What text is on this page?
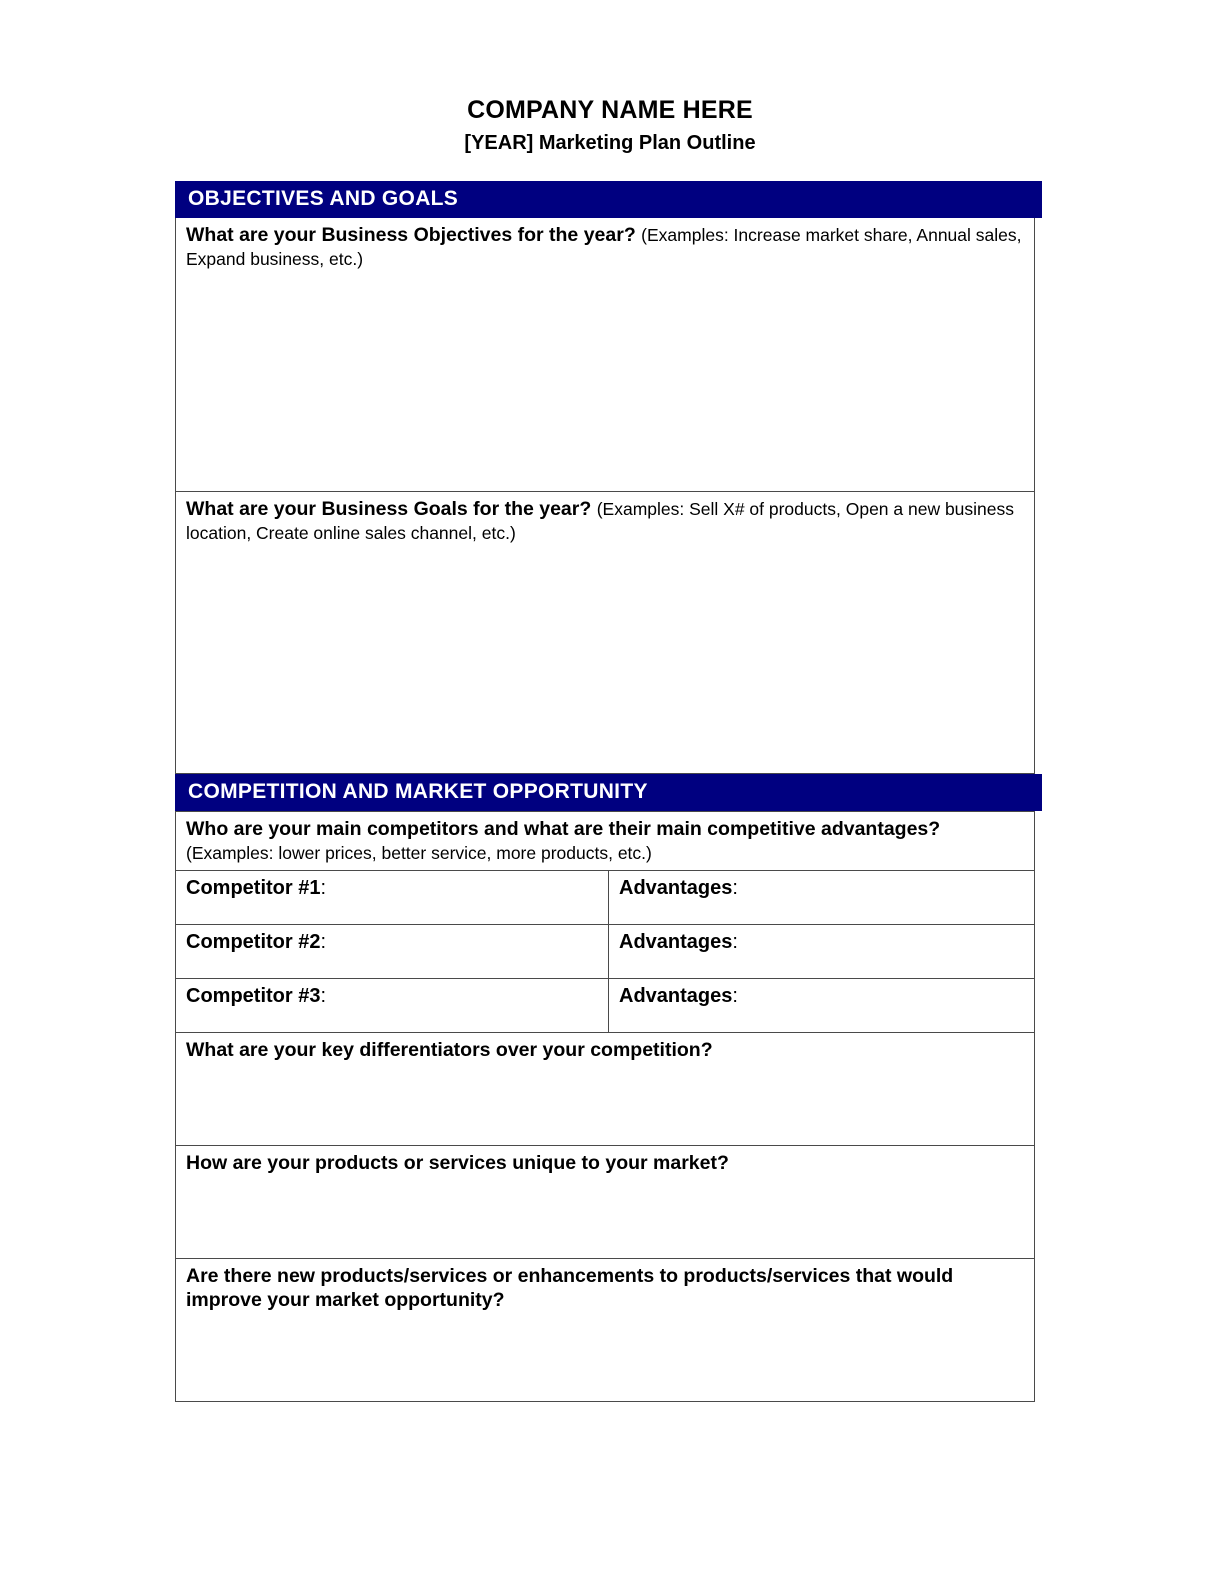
COMPANY NAME HERE
[YEAR] Marketing Plan Outline
OBJECTIVES AND GOALS

What are your Business Objectives for the year? (Examples: Increase market share, Annual sales, Expand business, etc.)

What are your Business Goals for the year? (Examples: Sell X# of products, Open a new business location, Create online sales channel, etc.)

COMPETITION AND MARKET OPPORTUNITY

Who are your main competitors and what are their main competitive advantages? (Examples: lower prices, better service, more products, etc.)

Competitor #1:	Advantages:

Competitor #2:	Advantages:

Competitor #3:	Advantages:

What are your key differentiators over your competition?

How are your products or services unique to your market?

Are there new products/services or enhancements to products/services that would improve your market opportunity?
